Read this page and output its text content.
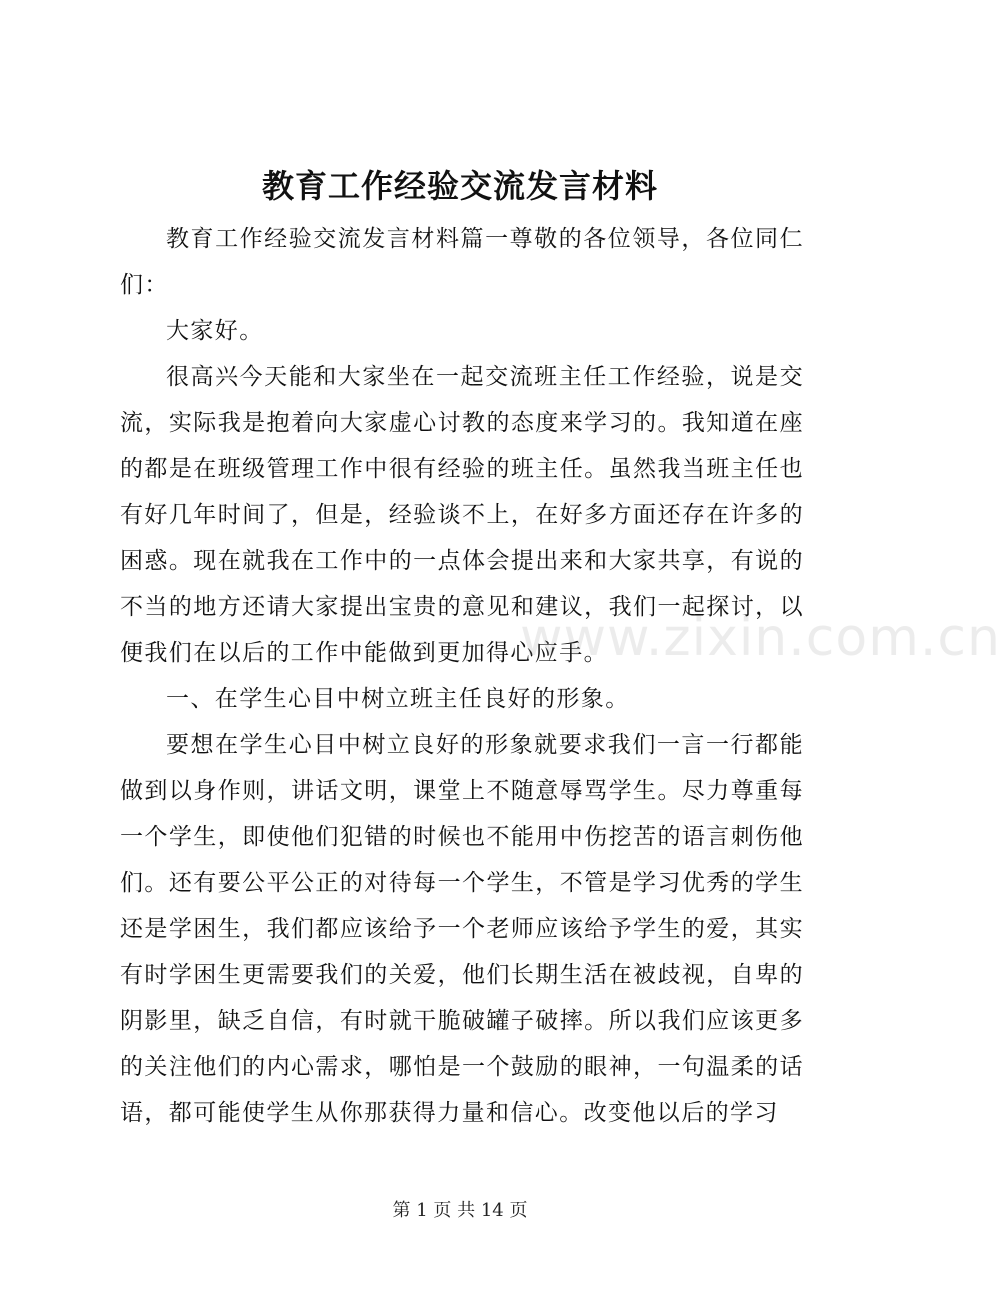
教育工作经验交流发言材料

教育工作经验交流发言材料篇一尊敬的各位领导，各位同仁们：

大家好。

很高兴今天能和大家坐在一起交流班主任工作经验，说是交流，实际我是抱着向大家虚心讨教的态度来学习的。我知道在座的都是在班级管理工作中很有经验的班主任。虽然我当班主任也有好几年时间了，但是，经验谈不上，在好多方面还存在许多的困惑。现在就我在工作中的一点体会提出来和大家共享，有说的不当的地方还请大家提出宝贵的意见和建议，我们一起探讨，以便我们在以后的工作中能做到更加得心应手。

一、在学生心目中树立班主任良好的形象。

要想在学生心目中树立良好的形象就要求我们一言一行都能做到以身作则，讲话文明，课堂上不随意辱骂学生。尽力尊重每一个学生，即使他们犯错的时候也不能用中伤挖苦的语言刺伤他们。还有要公平公正的对待每一个学生，不管是学习优秀的学生还是学困生，我们都应该给予一个老师应该给予学生的爱，其实有时学困生更需要我们的关爱，他们长期生活在被歧视，自卑的阴影里，缺乏自信，有时就干脆破罐子破摔。所以我们应该更多的关注他们的内心需求，哪怕是一个鼓励的眼神，一句温柔的话语，都可能使学生从你那获得力量和信心。改变他以后的学习

www.zixin.com.cn
第 1 页 共 14 页
